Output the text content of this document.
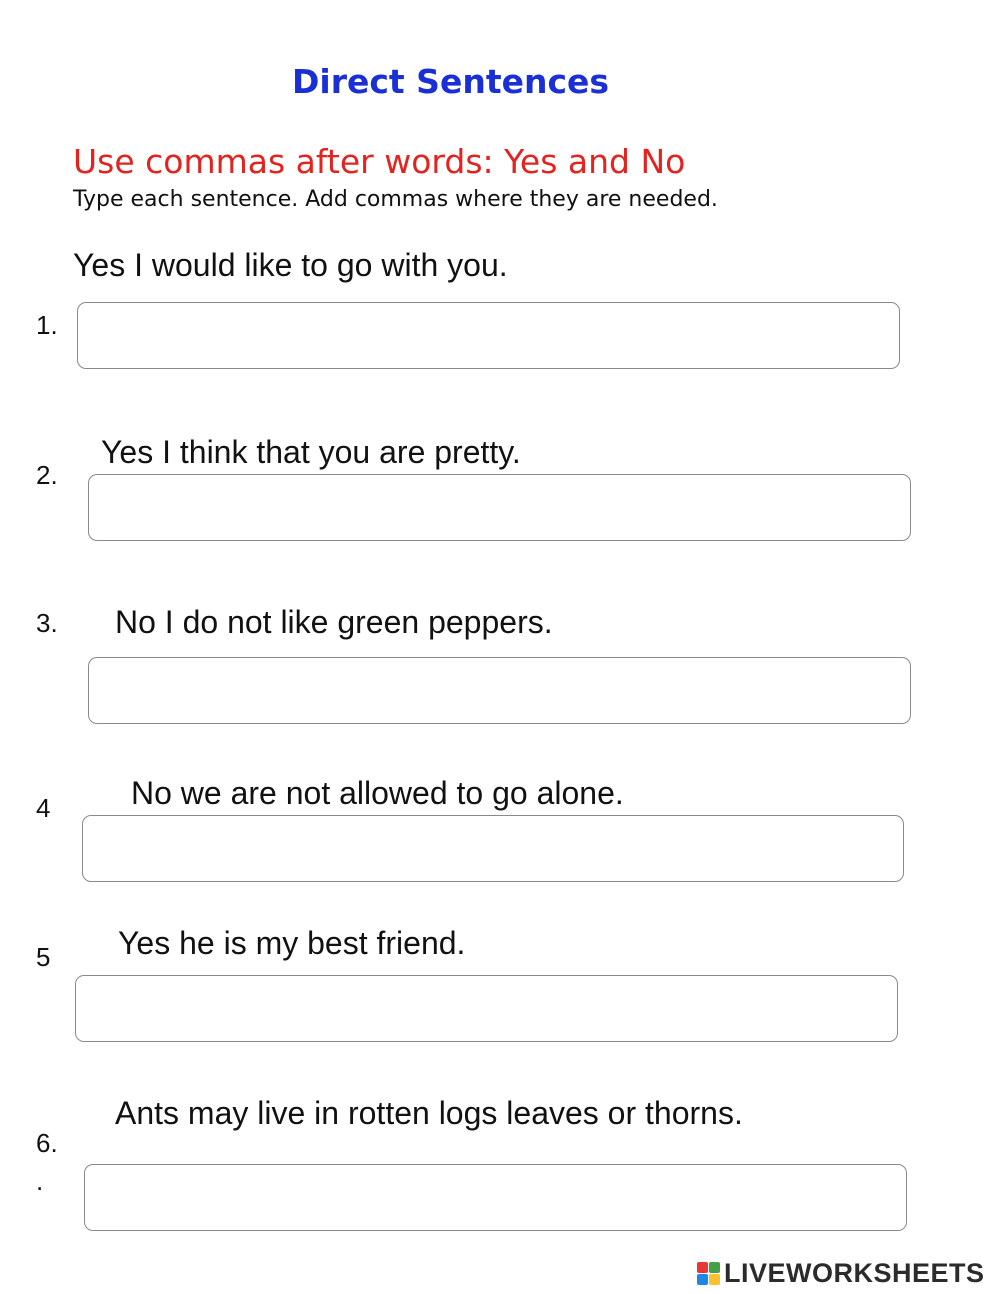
Direct Sentences
Use commas after words: Yes and No
Type each sentence. Add commas where they are needed.
Yes I would like to go with you.
1.
Yes I think that you are pretty.
2.
3. No I do not like green peppers.
No we are not allowed to go alone.
4
Yes he is my best friend.
5
Ants may live in rotten logs leaves or thorns.
6.
.
LIVEWORKSHEETS
